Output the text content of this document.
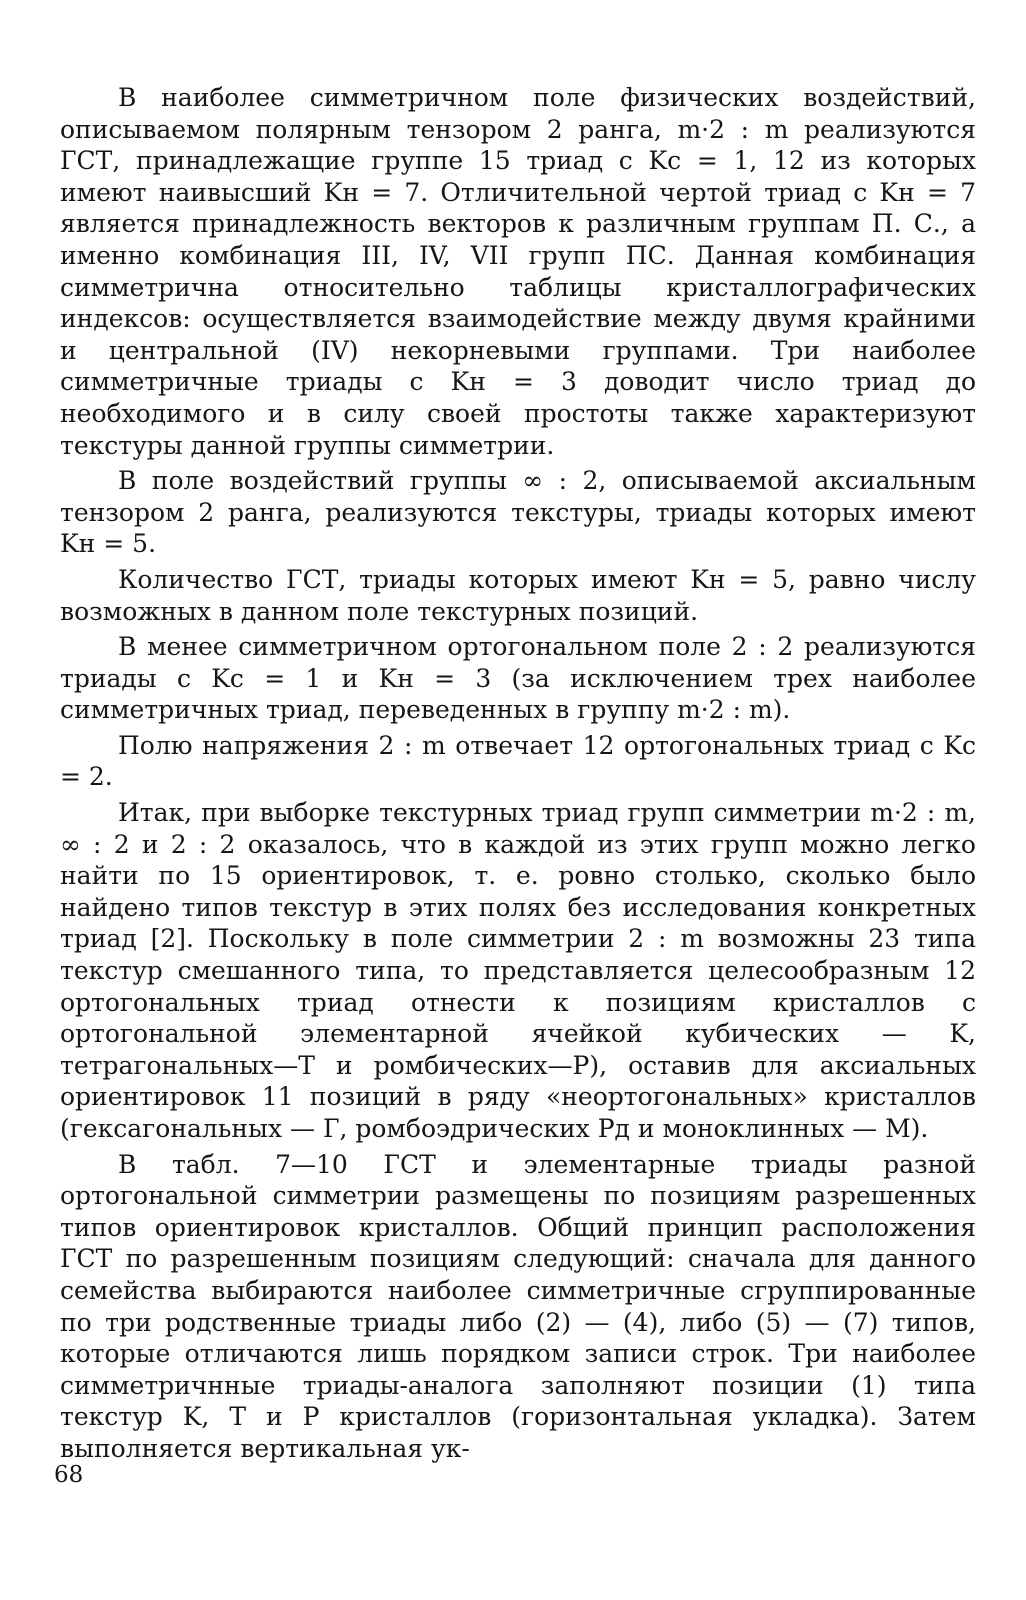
В наиболее симметричном поле физических воздействий, описываемом полярным тензором 2 ранга, m·2 : m реализуются ГСТ, принадлежащие группе 15 триад с Kс = 1, 12 из которых имеют наивысший Kн = 7. Отличительной чертой триад с Kн = 7 является принадлежность векторов к различным группам П. С., а именно комбинация III, IV, VII групп ПС. Данная комбинация симметрична относительно таблицы кристаллографических индексов: осуществляется взаимодействие между двумя крайними и центральной (IV) некорневыми группами. Три наиболее симметричные триады с Kн = 3 доводит число триад до необходимого и в силу своей простоты также характеризуют текстуры данной группы симметрии.

В поле воздействий группы ∞ : 2, описываемой аксиальным тензором 2 ранга, реализуются текстуры, триады которых имеют Kн = 5.

Количество ГСТ, триады которых имеют Kн = 5, равно числу возможных в данном поле текстурных позиций.

В менее симметричном ортогональном поле 2 : 2 реализуются триады с Kс = 1 и Kн = 3 (за исключением трех наиболее симметричных триад, переведенных в группу m·2 : m).

Полю напряжения 2 : m отвечает 12 ортогональных триад с Kс = 2.

Итак, при выборке текстурных триад групп симметрии m·2 : m, ∞ : 2 и 2 : 2 оказалось, что в каждой из этих групп можно легко найти по 15 ориентировок, т. е. ровно столько, сколько было найдено типов текстур в этих полях без исследования конкретных триад [2]. Поскольку в поле симметрии 2 : m возможны 23 типа текстур смешанного типа, то представляется целесообразным 12 ортогональных триад отнести к позициям кристаллов с ортогональной элементарной ячейкой кубических — K, тетрагональных—T и ромбических—P), оставив для аксиальных ориентировок 11 позиций в ряду «неортогональных» кристаллов (гексагональных — Г, ромбоэдрических Рд и моноклинных — М).

В табл. 7—10 ГСТ и элементарные триады разной ортогональной симметрии размещены по позициям разрешенных типов ориентировок кристаллов. Общий принцип расположения ГСТ по разрешенным позициям следующий: сначала для данного семейства выбираются наиболее симметричные сгруппированные по три родственные триады либо (2) — (4), либо (5) — (7) типов, которые отличаются лишь порядком записи строк. Три наиболее симметричнные триады-аналога заполняют позиции (1) типа текстур K, T и P кристаллов (горизонтальная укладка). Затем выполняется вертикальная ук-

68
